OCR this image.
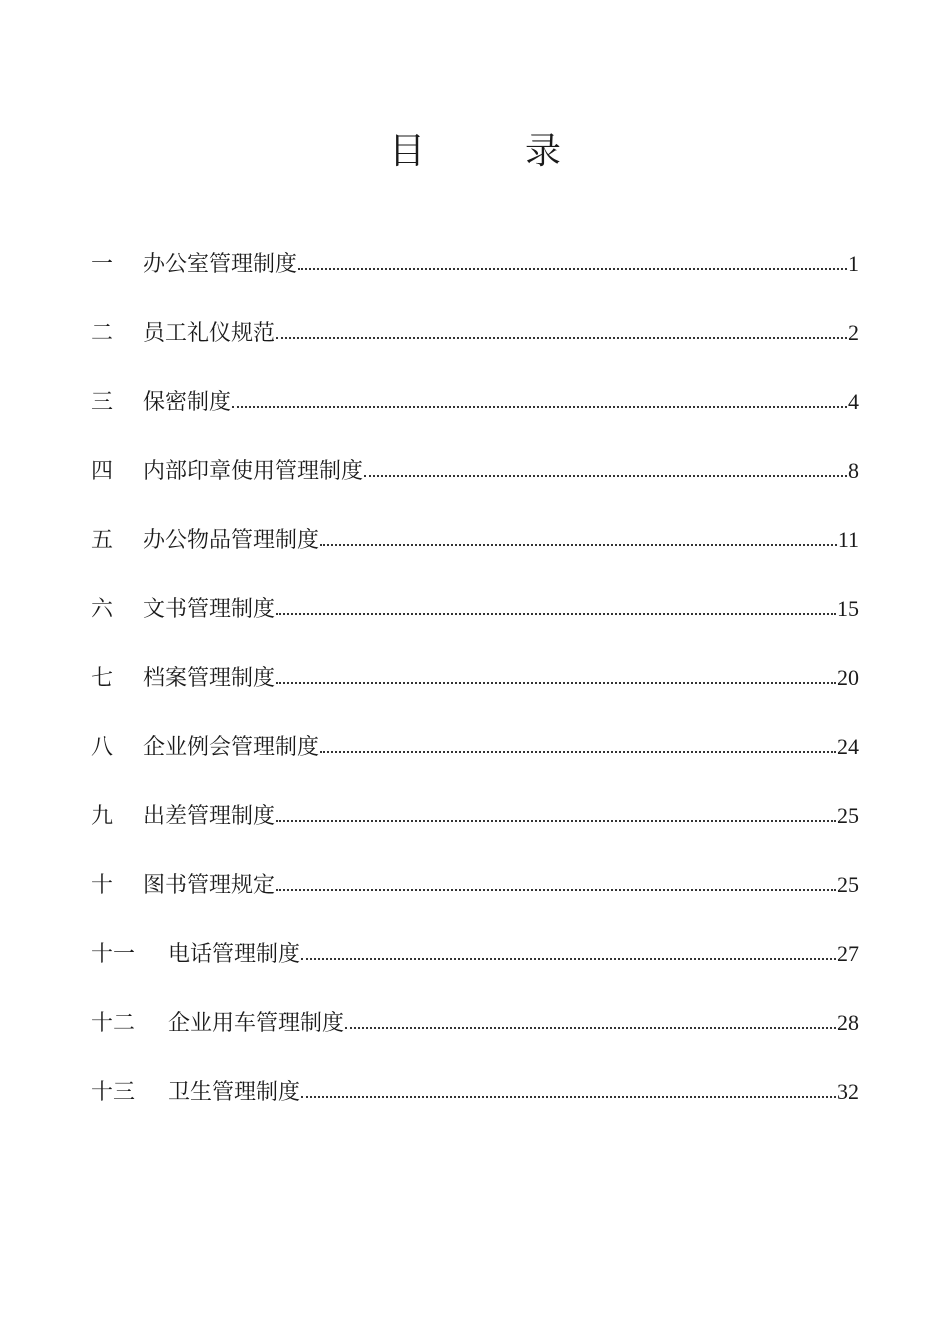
目	录
一	办公室管理制度	1
二	员工礼仪规范	2
三	保密制度	4
四	内部印章使用管理制度	8
五	办公物品管理制度	11
六	文书管理制度	15
七	档案管理制度	20
八	企业例会管理制度	24
九	出差管理制度	25
十	图书管理规定	25
十一	电话管理制度	27
十二	企业用车管理制度	28
十三	卫生管理制度	32
